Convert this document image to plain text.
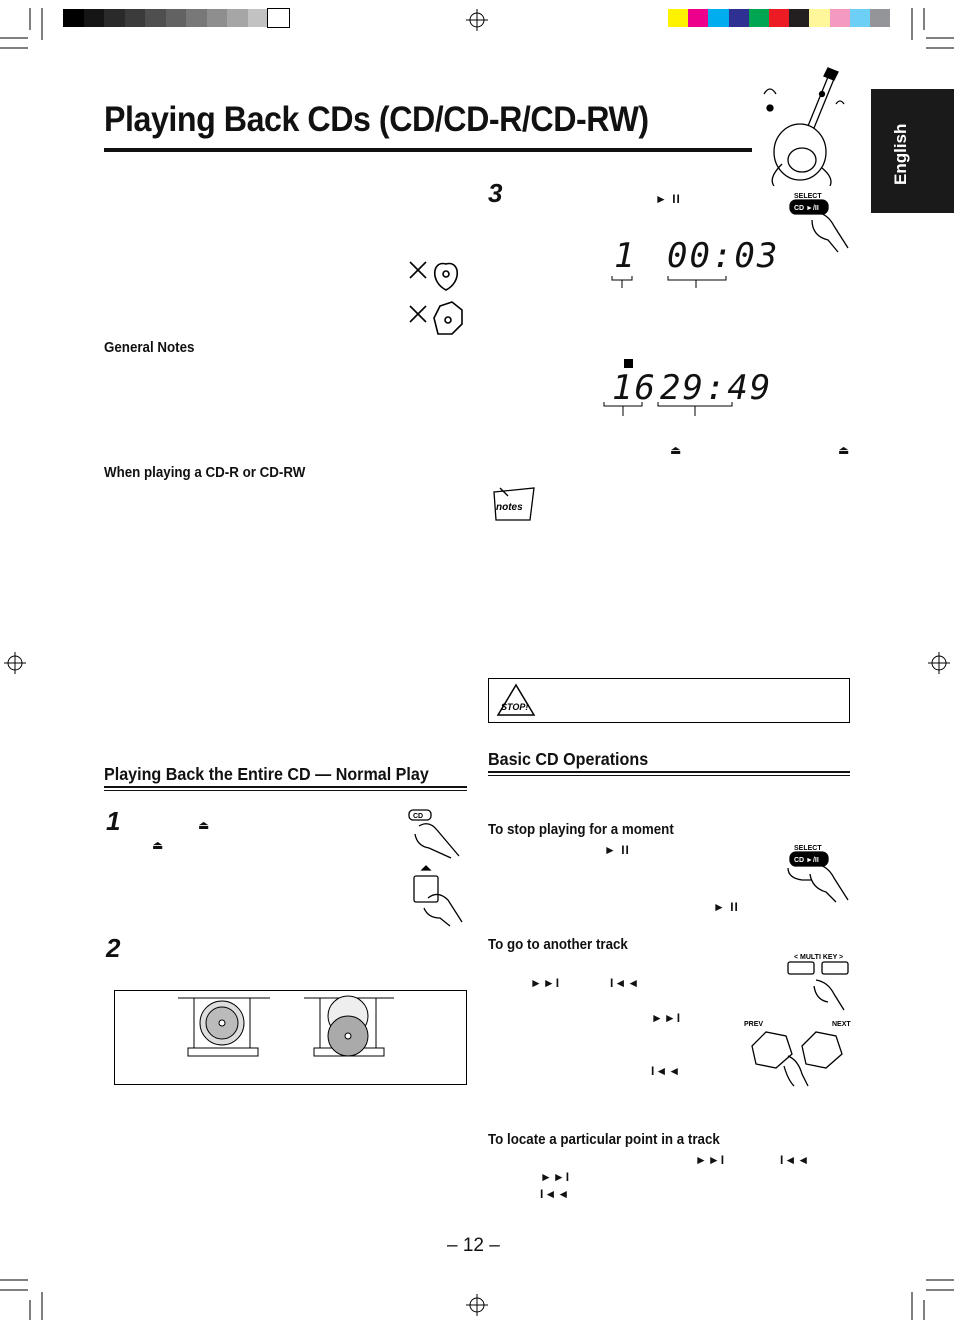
Playing Back CDs (CD/CD-R/CD-RW)
English
General Notes
When playing a CD-R or CD-RW
Playing Back the Entire CD — Normal Play
1	⏏
⏏
CD
2
3	► II	SELECT
CD ►/II
1 00:03
16 29:49
⏏	⏏
notes
STOP!
Basic CD Operations
To stop playing for a moment
► II
► II
SELECT
CD ►/II
To go to another track
►►I	I◄◄
►►I
I◄◄
< MULTI KEY >
PREV	NEXT
To locate a particular point in a track
►►I	I◄◄
►►I
I◄◄
– 12 –
